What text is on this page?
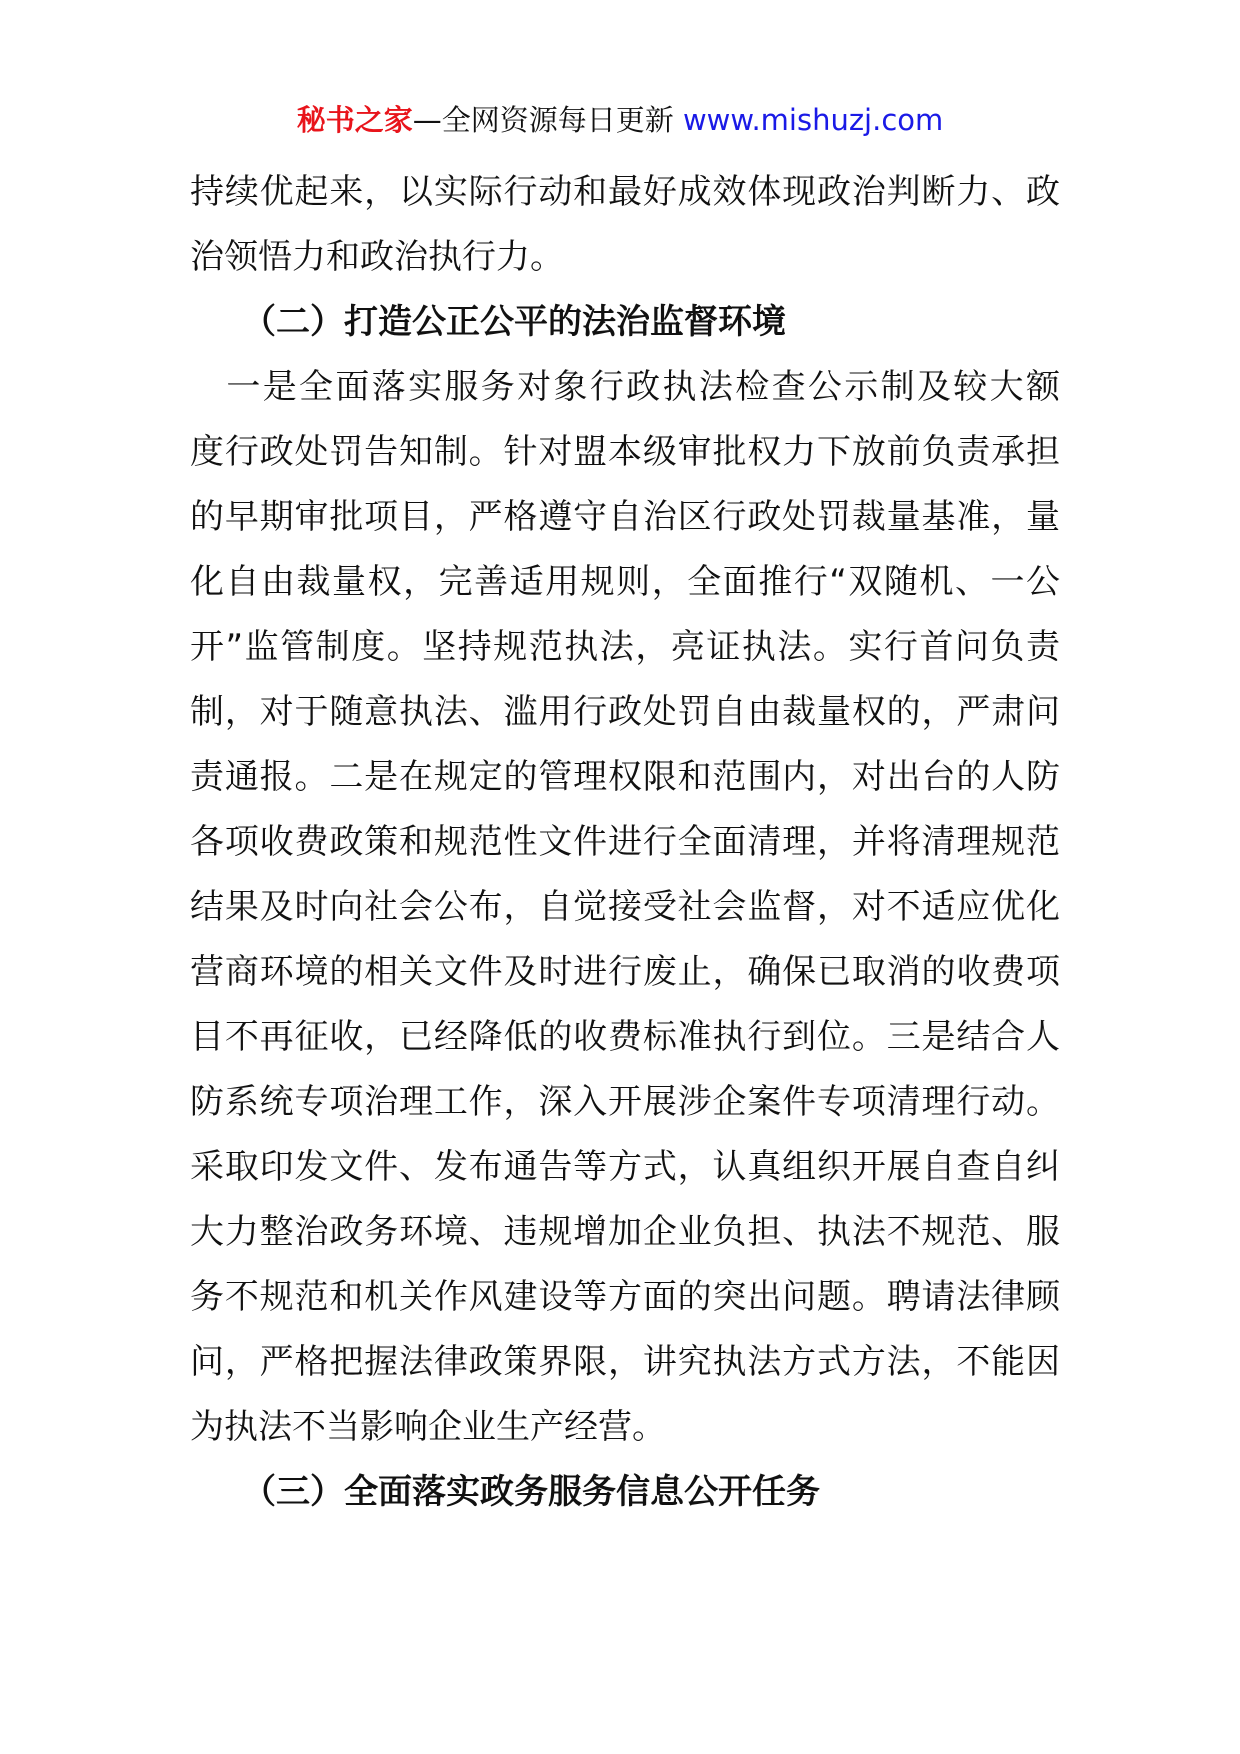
秘书之家—全网资源每日更新 www.mishuzj.com
持续优起来，以实际行动和最好成效体现政治判断力、政
治领悟力和政治执行力。
（二）打造公正公平的法治监督环境
　一是全面落实服务对象行政执法检查公示制及较大额
度行政处罚告知制。针对盟本级审批权力下放前负责承担
的早期审批项目，严格遵守自治区行政处罚裁量基准，量
化自由裁量权，完善适用规则，全面推行“双随机、一公
开”监管制度。坚持规范执法，亮证执法。实行首问负责
制，对于随意执法、滥用行政处罚自由裁量权的，严肃问
责通报。二是在规定的管理权限和范围内，对出台的人防
各项收费政策和规范性文件进行全面清理，并将清理规范
结果及时向社会公布，自觉接受社会监督，对不适应优化
营商环境的相关文件及时进行废止，确保已取消的收费项
目不再征收，已经降低的收费标准执行到位。三是结合人
防系统专项治理工作，深入开展涉企案件专项清理行动。
采取印发文件、发布通告等方式，认真组织开展自查自纠
大力整治政务环境、违规增加企业负担、执法不规范、服
务不规范和机关作风建设等方面的突出问题。聘请法律顾
问，严格把握法律政策界限，讲究执法方式方法，不能因
为执法不当影响企业生产经营。
（三）全面落实政务服务信息公开任务
